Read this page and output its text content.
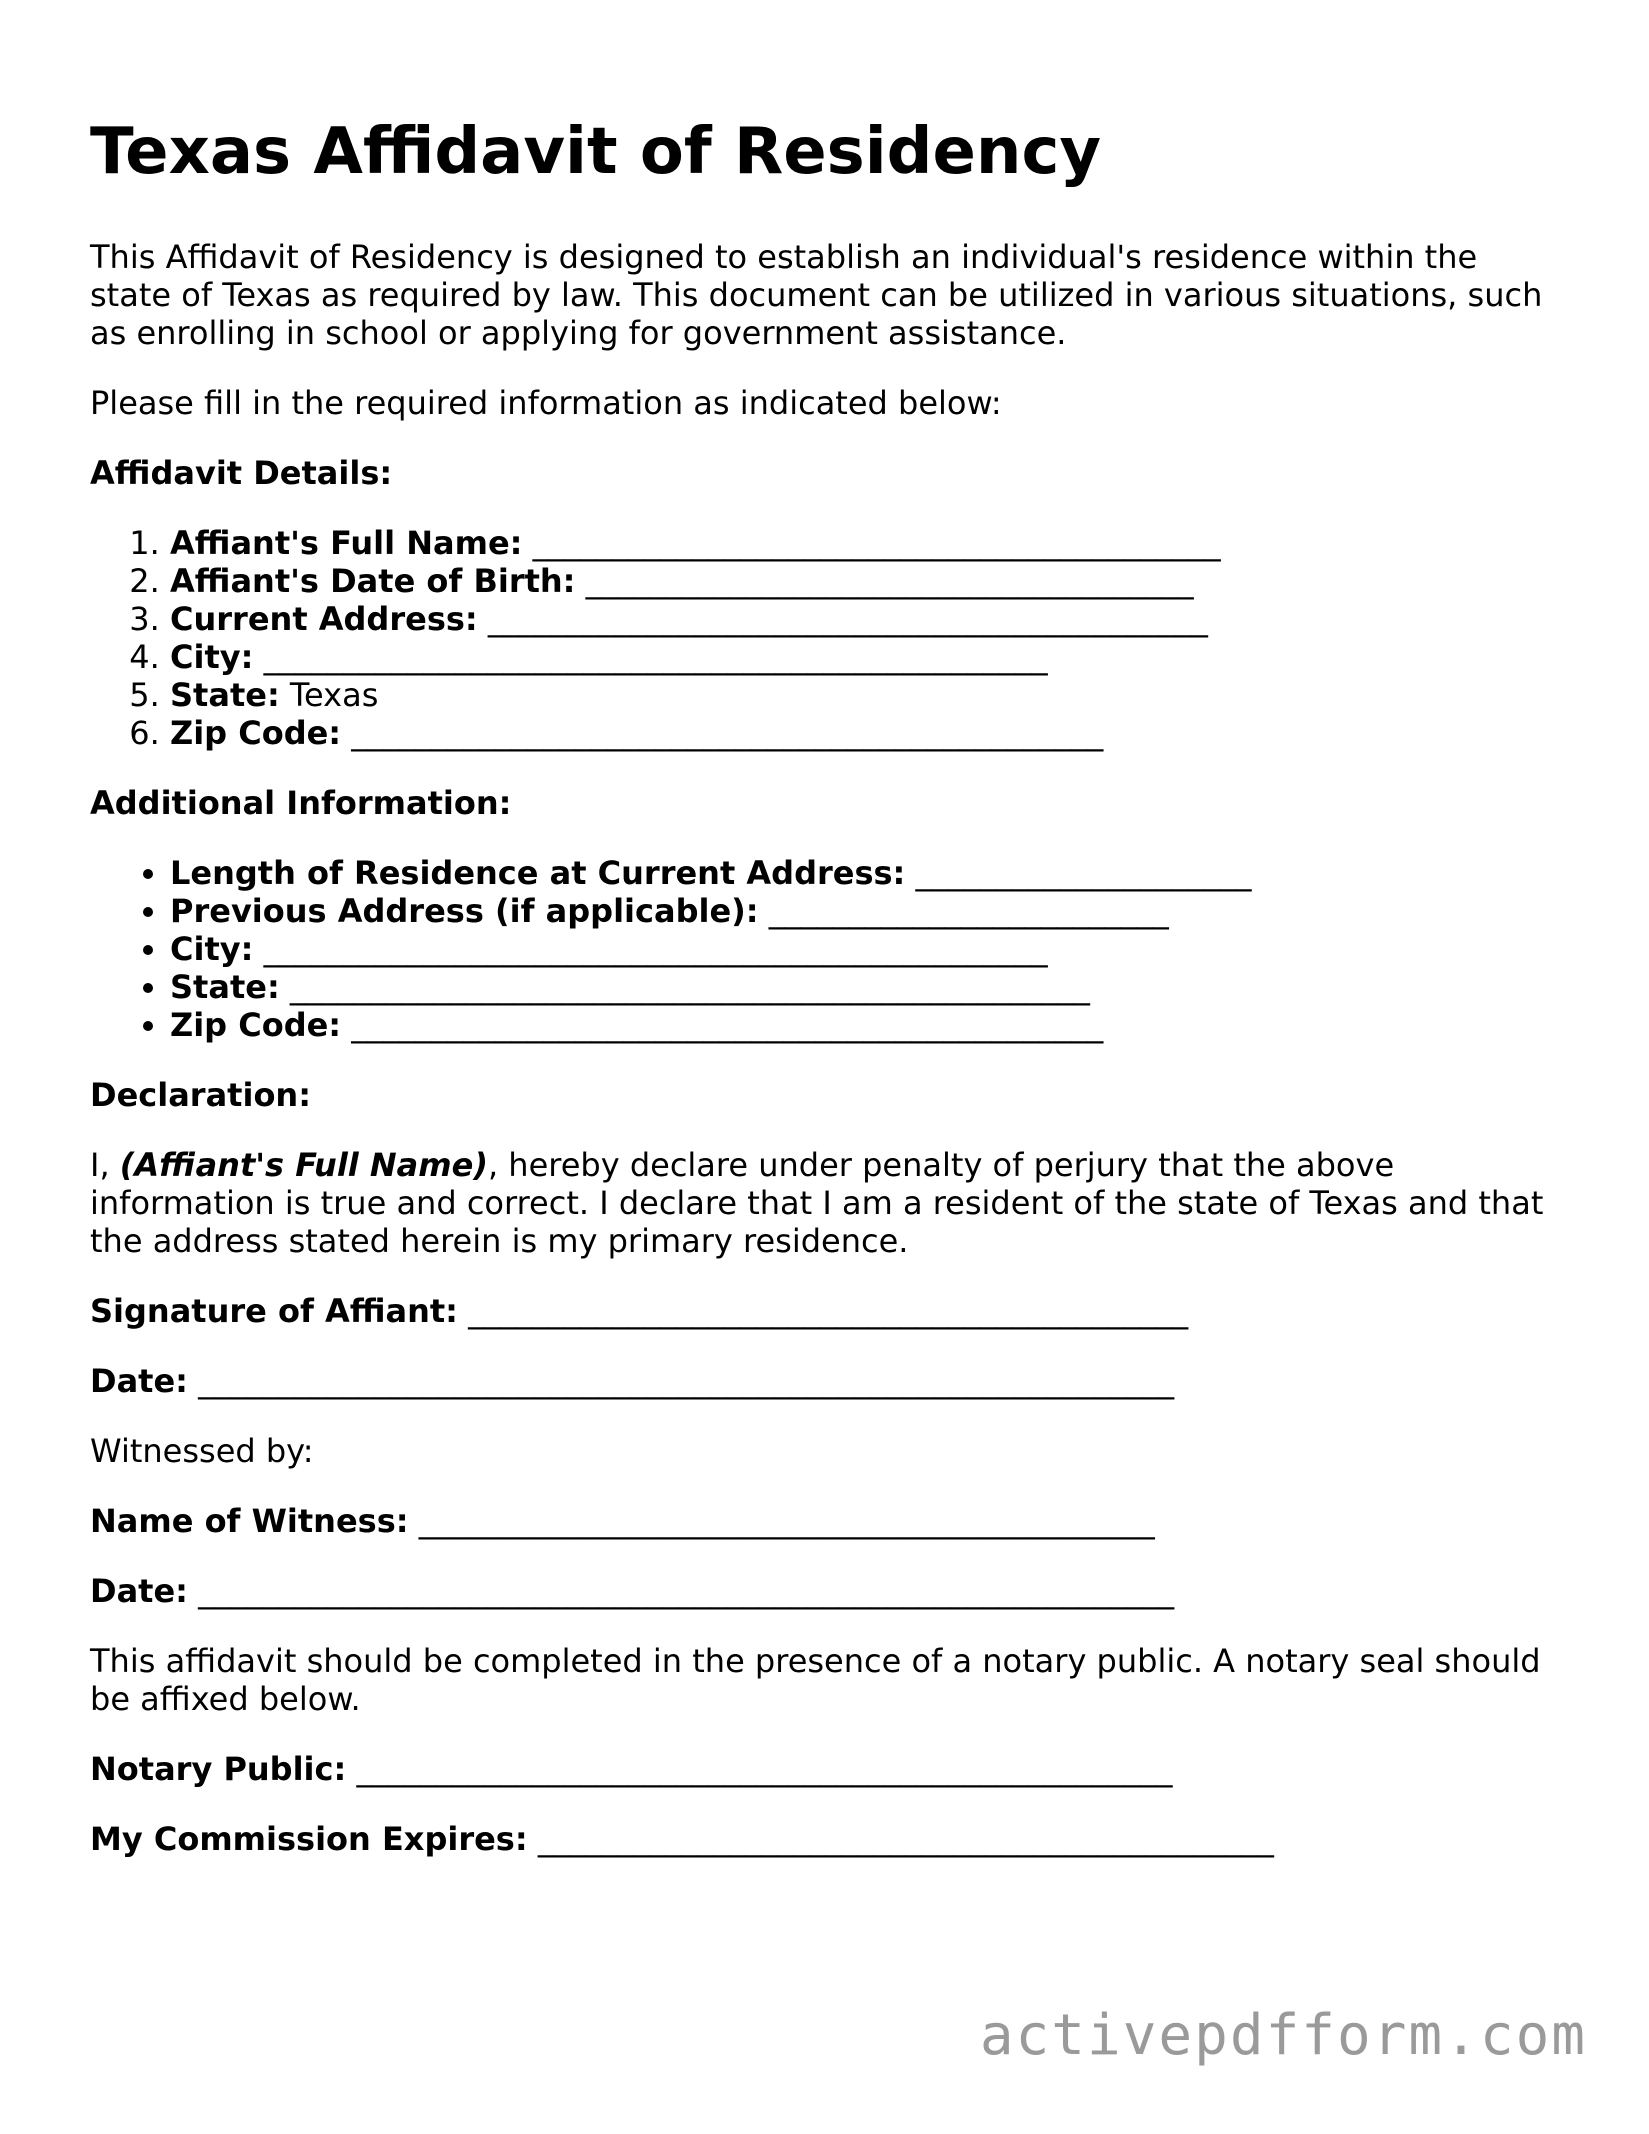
Texas Affidavit of Residency

This Affidavit of Residency is designed to establish an individual's residence within the state of Texas as required by law. This document can be utilized in various situations, such as enrolling in school or applying for government assistance.

Please fill in the required information as indicated below:

Affidavit Details:

1. Affiant's Full Name: ___________________________________________
2. Affiant's Date of Birth: ______________________________________
3. Current Address: _____________________________________________
4. City: _________________________________________________
5. State: Texas
6. Zip Code: _______________________________________________

Additional Information:

• Length of Residence at Current Address: _____________________
• Previous Address (if applicable): _________________________
• City: _________________________________________________
• State: __________________________________________________
• Zip Code: _______________________________________________

Declaration:

I, (Affiant's Full Name), hereby declare under penalty of perjury that the above information is true and correct. I declare that I am a resident of the state of Texas and that the address stated herein is my primary residence.

Signature of Affiant: _____________________________________________

Date: _____________________________________________________________

Witnessed by:

Name of Witness: ______________________________________________

Date: _____________________________________________________________

This affidavit should be completed in the presence of a notary public. A notary seal should be affixed below.

Notary Public: ___________________________________________________

My Commission Expires: ______________________________________________

activepdfform.com
